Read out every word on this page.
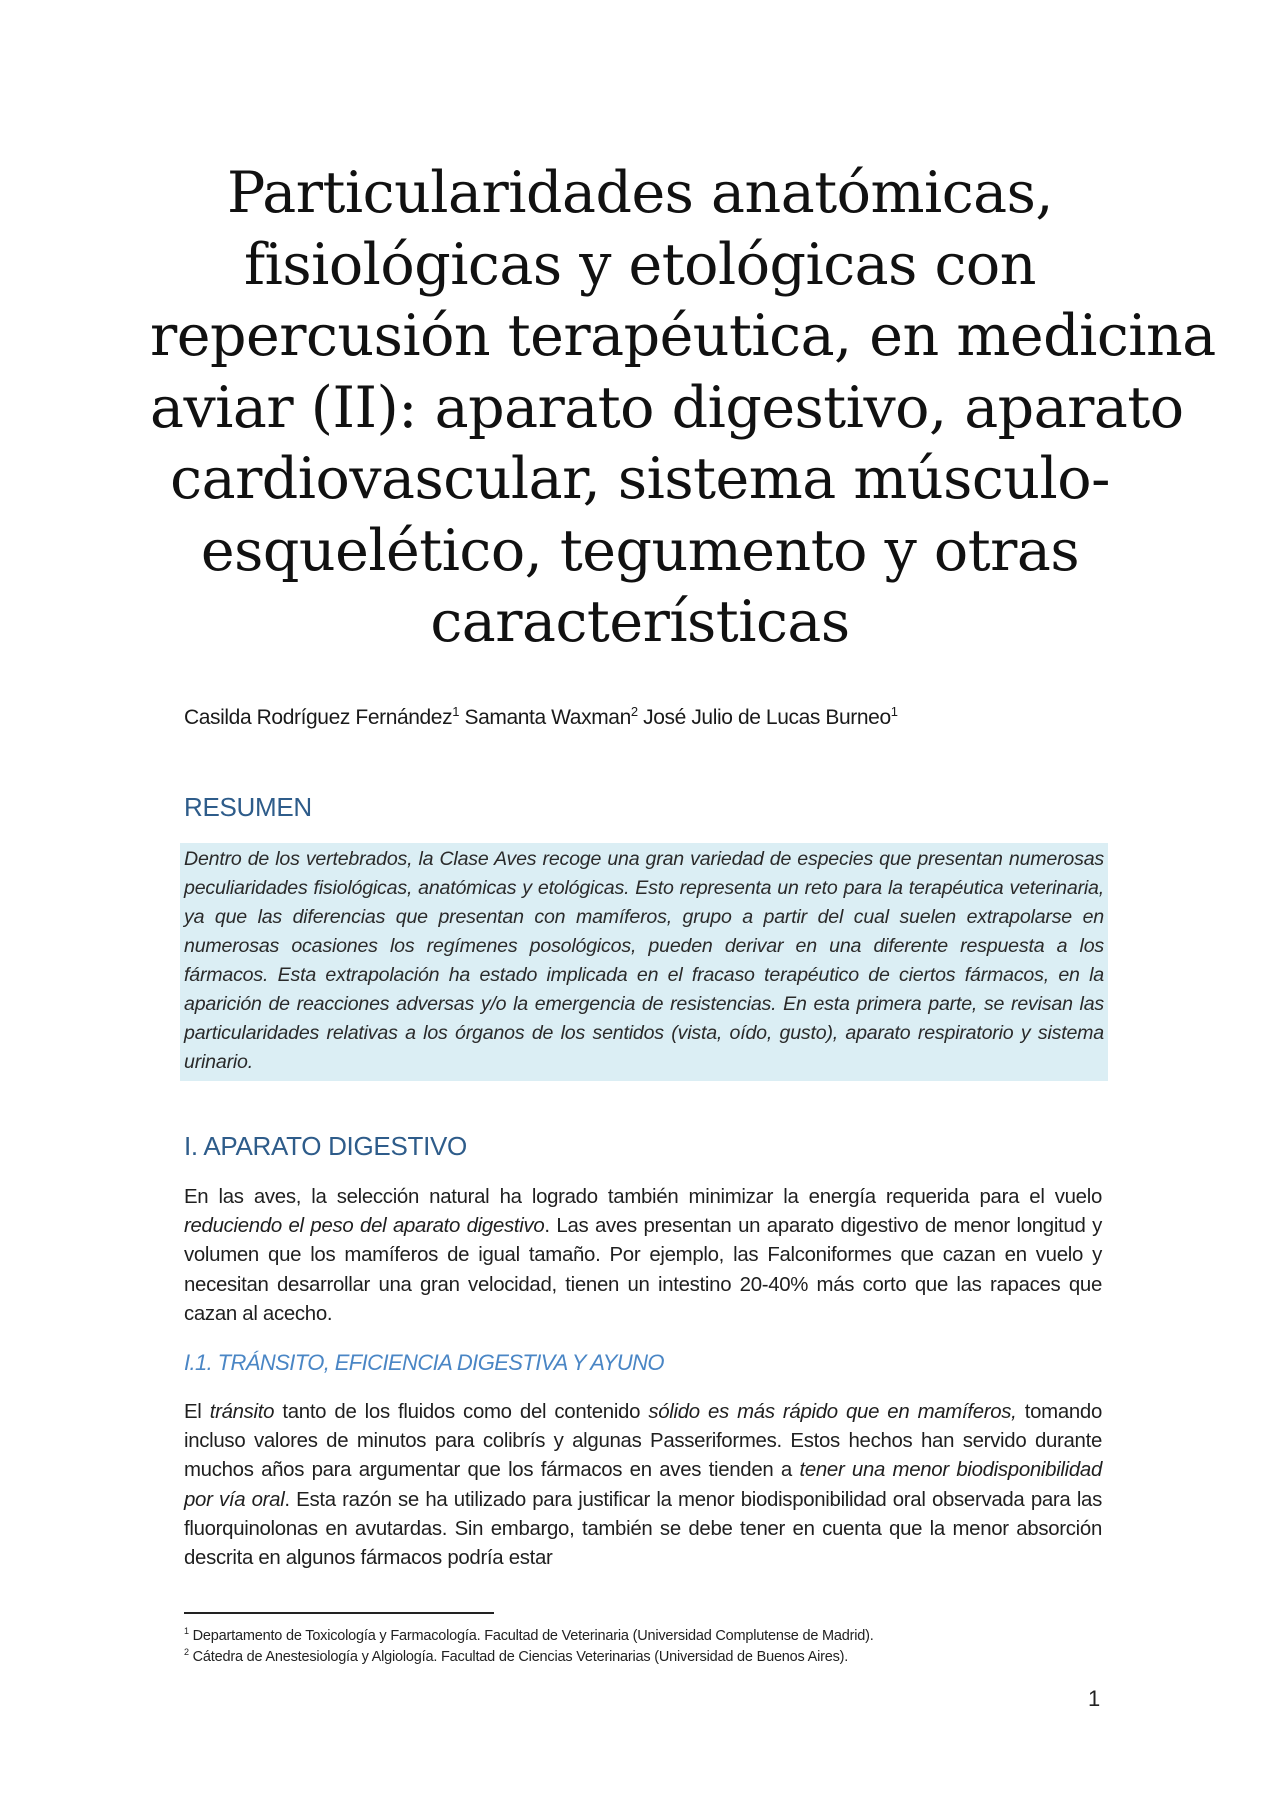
Particularidades anatómicas,
fisiológicas y etológicas con
repercusión terapéutica, en medicina
aviar (II): aparato digestivo, aparato
cardiovascular, sistema músculo-
esquelético, tegumento y otras
características
Casilda Rodríguez Fernández$^1$ Samanta Waxman$^2$ José Julio de Lucas Burneo$^1$
RESUMEN
Dentro de los vertebrados, la Clase Aves recoge una gran variedad de especies que presentan numerosas peculiaridades fisiológicas, anatómicas y etológicas. Esto representa un reto para la terapéutica veterinaria, ya que las diferencias que presentan con mamíferos, grupo a partir del cual suelen extrapolarse en numerosas ocasiones los regímenes posológicos, pueden derivar en una diferente respuesta a los fármacos. Esta extrapolación ha estado implicada en el fracaso terapéutico de ciertos fármacos, en la aparición de reacciones adversas y/o la emergencia de resistencias. En esta primera parte, se revisan las particularidades relativas a los órganos de los sentidos (vista, oído, gusto), aparato respiratorio y sistema urinario.
I. APARATO DIGESTIVO

En las aves, la selección natural ha logrado también minimizar la energía requerida para el vuelo reduciendo el peso del aparato digestivo. Las aves presentan un aparato digestivo de menor longitud y volumen que los mamíferos de igual tamaño. Por ejemplo, las Falconiformes que cazan en vuelo y necesitan desarrollar una gran velocidad, tienen un intestino 20-40% más corto que las rapaces que cazan al acecho.

I.1. TRÁNSITO, EFICIENCIA DIGESTIVA Y AYUNO

El tránsito tanto de los fluidos como del contenido sólido es más rápido que en mamíferos, tomando incluso valores de minutos para colibrís y algunas Passeriformes. Estos hechos han servido durante muchos años para argumentar que los fármacos en aves tienden a tener una menor biodisponibilidad por vía oral. Esta razón se ha utilizado para justificar la menor biodisponibilidad oral observada para las fluorquinolonas en avutardas. Sin embargo, también se debe tener en cuenta que la menor absorción descrita en algunos fármacos podría estar

$^1$ Departamento de Toxicología y Farmacología. Facultad de Veterinaria (Universidad Complutense de Madrid).
$^2$ Cátedra de Anestesiología y Algiología. Facultad de Ciencias Veterinarias (Universidad de Buenos Aires).
1
